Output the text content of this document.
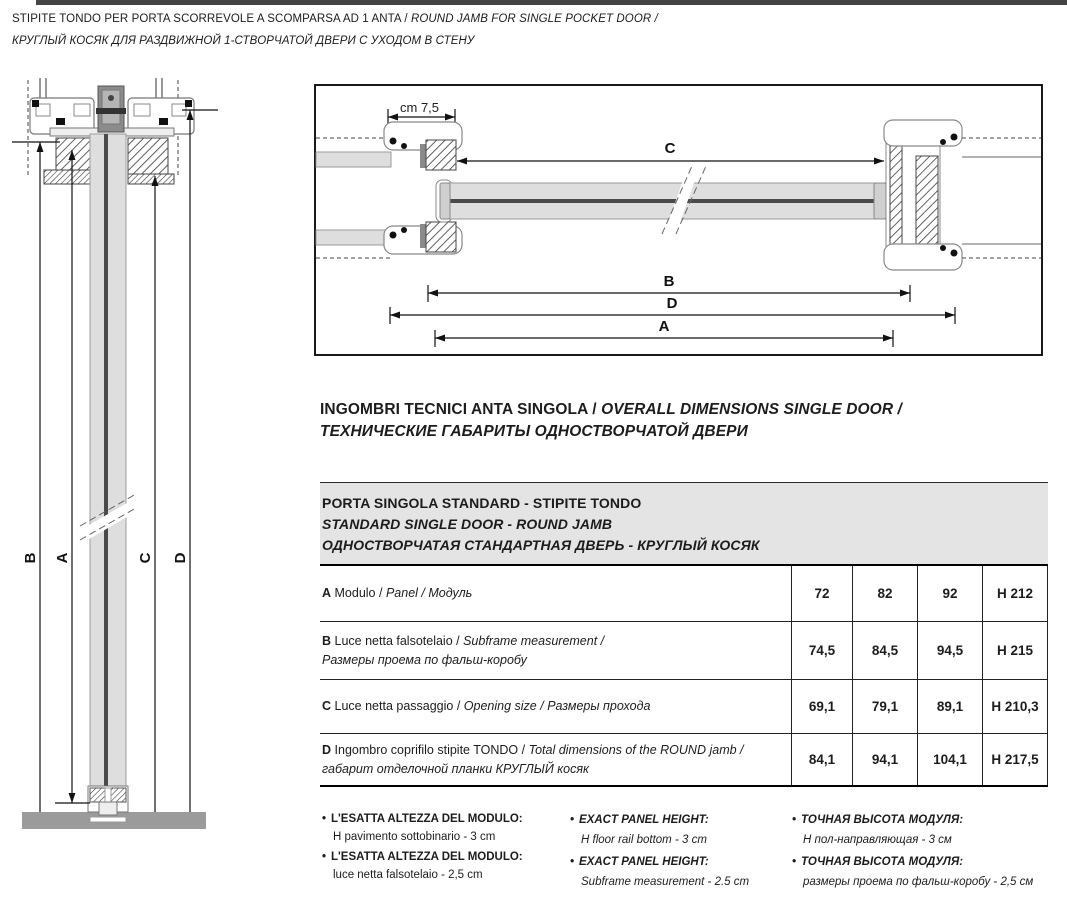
STIPITE TONDO PER PORTA SCORREVOLE A SCOMPARSA AD 1 ANTA / ROUND JAMB FOR SINGLE POCKET DOOR /
КРУГЛЫЙ КОСЯК ДЛЯ РАЗДВИЖНОЙ 1-СТВОРЧАТОЙ ДВЕРИ С УХОДОМ В СТЕНУ
B A	C D
cm 7,5
C
B
D
A
INGOMBRI TECNICI ANTA SINGOLA / OVERALL DIMENSIONS SINGLE DOOR /
ТЕХНИЧЕСКИЕ ГАБАРИТЫ ОДНОСТВОРЧАТОЙ ДВЕРИ
PORTA SINGOLA STANDARD - STIPITE TONDO
STANDARD SINGLE DOOR - ROUND JAMB
ОДНОСТВОРЧАТАЯ СТАНДАРТНАЯ ДВЕРЬ - КРУГЛЫЙ КОСЯК
A Modulo / Panel / Модуль	72	82	92	H 212
B Luce netta falsotelaio / Subframe measurement /
Размеры проема по фальш-коробу
74,5	84,5	94,5	H 215
C Luce netta passaggio / Opening size / Размеры прохода	69,1	79,1	89,1	H 210,3
D Ingombro coprifilo stipite TONDO / Total dimensions of the ROUND jamb /
габарит отделочной планки КРУГЛЫЙ косяк
84,1	94,1	104,1	H 217,5
• L'ESATTA ALTEZZA DEL MODULO:
H pavimento sottobinario - 3 cm
• L'ESATTA ALTEZZA DEL MODULO:
luce netta falsotelaio - 2,5 cm
• EXACT PANEL HEIGHT:
H floor rail bottom - 3 cm
• EXACT PANEL HEIGHT:
Subframe measurement - 2.5 cm
• ТОЧНАЯ ВЫСОТА МОДУЛЯ:
Н пол-направляющая - 3 см
• ТОЧНАЯ ВЫСОТА МОДУЛЯ:
размеры проема по фальш-коробу - 2,5 см
